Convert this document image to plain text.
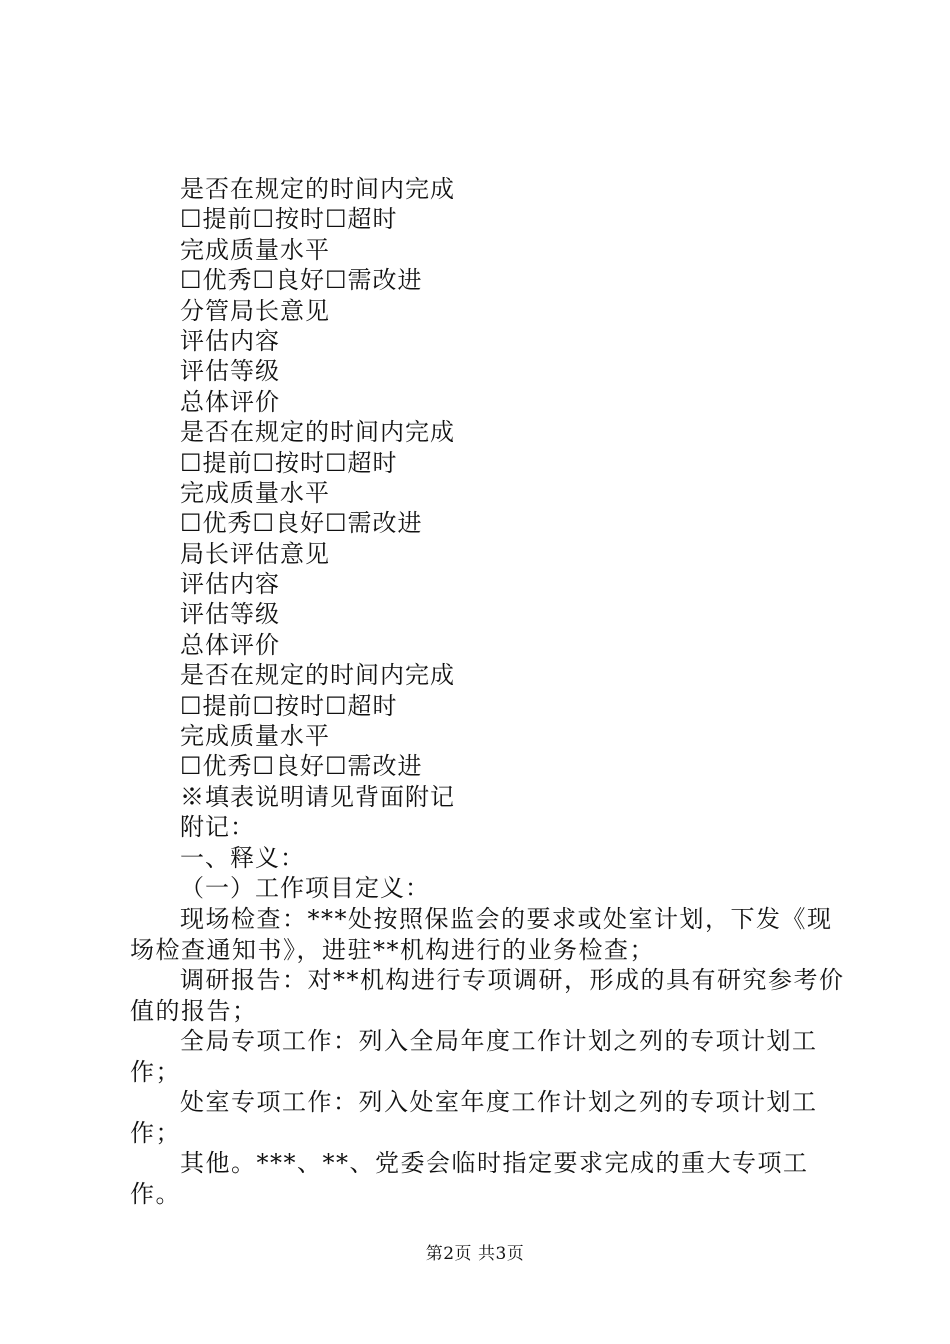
是否在规定的时间内完成
☐提前☐按时☐超时
完成质量水平
☐优秀☐良好☐需改进
分管局长意见
评估内容
评估等级
总体评价
是否在规定的时间内完成
☐提前☐按时☐超时
完成质量水平
☐优秀☐良好☐需改进
局长评估意见
评估内容
评估等级
总体评价
是否在规定的时间内完成
☐提前☐按时☐超时
完成质量水平
☐优秀☐良好☐需改进
※填表说明请见背面附记
附记：
一、释义：
（一）工作项目定义：

现场检查：***处按照保监会的要求或处室计划，下发《现场检查通知书》，进驻**机构进行的业务检查；

调研报告：对**机构进行专项调研，形成的具有研究参考价值的报告；

全局专项工作：列入全局年度工作计划之列的专项计划工作；

处室专项工作：列入处室年度工作计划之列的专项计划工作；

其他。***、**、党委会临时指定要求完成的重大专项工作。

第2页 共3页
